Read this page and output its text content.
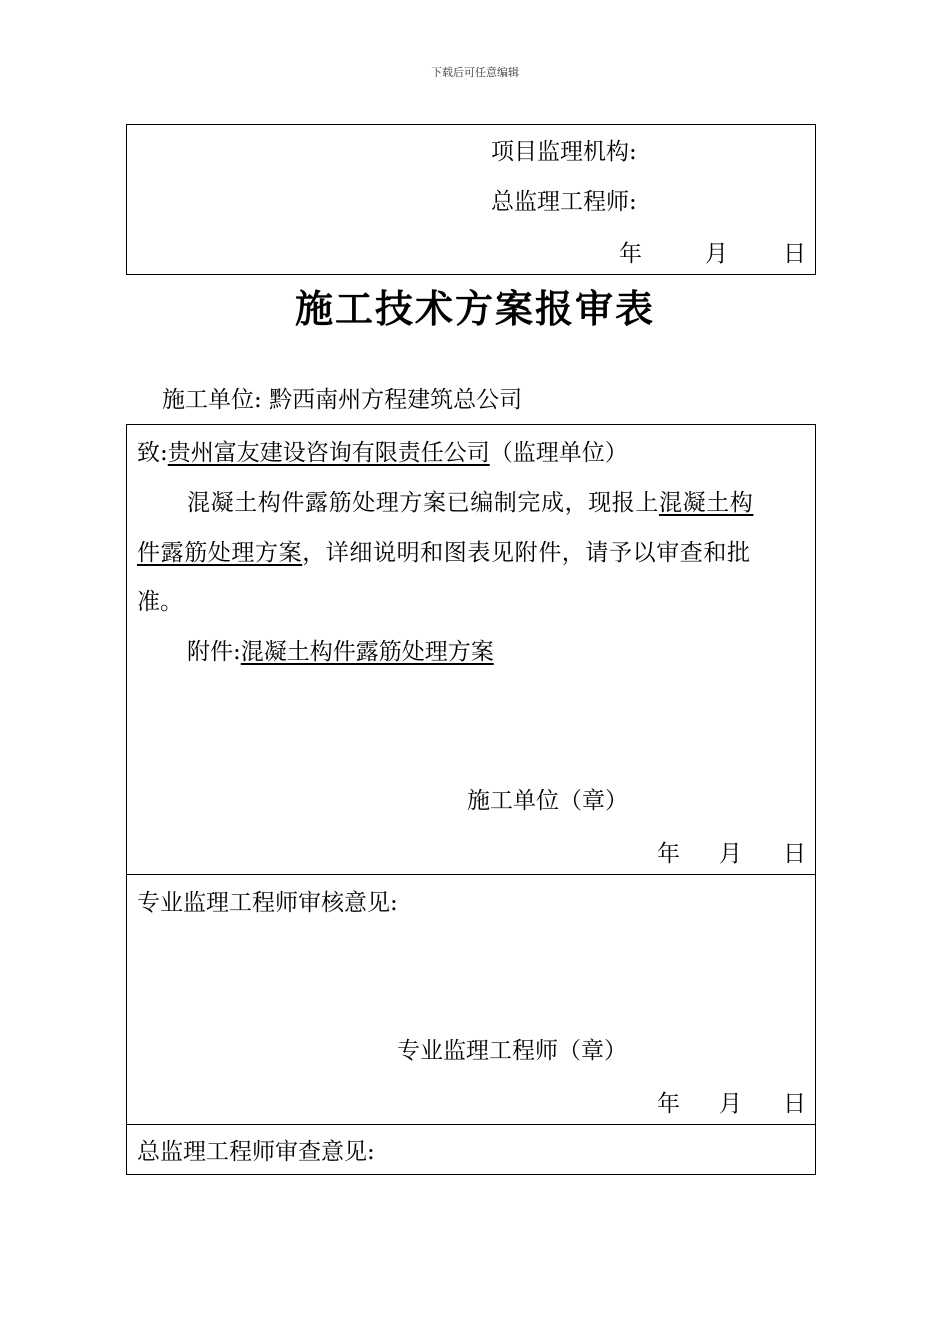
下载后可任意编辑
项目监理机构:
总监理工程师:
年	月 日
施工技术方案报审表
施工单位: 黔西南州方程建筑总公司
致:贵州富友建设咨询有限责任公司（监理单位）
混凝土构件露筋处理方案已编制完成，现报上混凝土构
件露筋处理方案，详细说明和图表见附件，请予以审查和批
准。
附件:混凝土构件露筋处理方案
施工单位（章）
年 月 日
专业监理工程师审核意见:
专业监理工程师（章）
年 月 日
总监理工程师审查意见:
